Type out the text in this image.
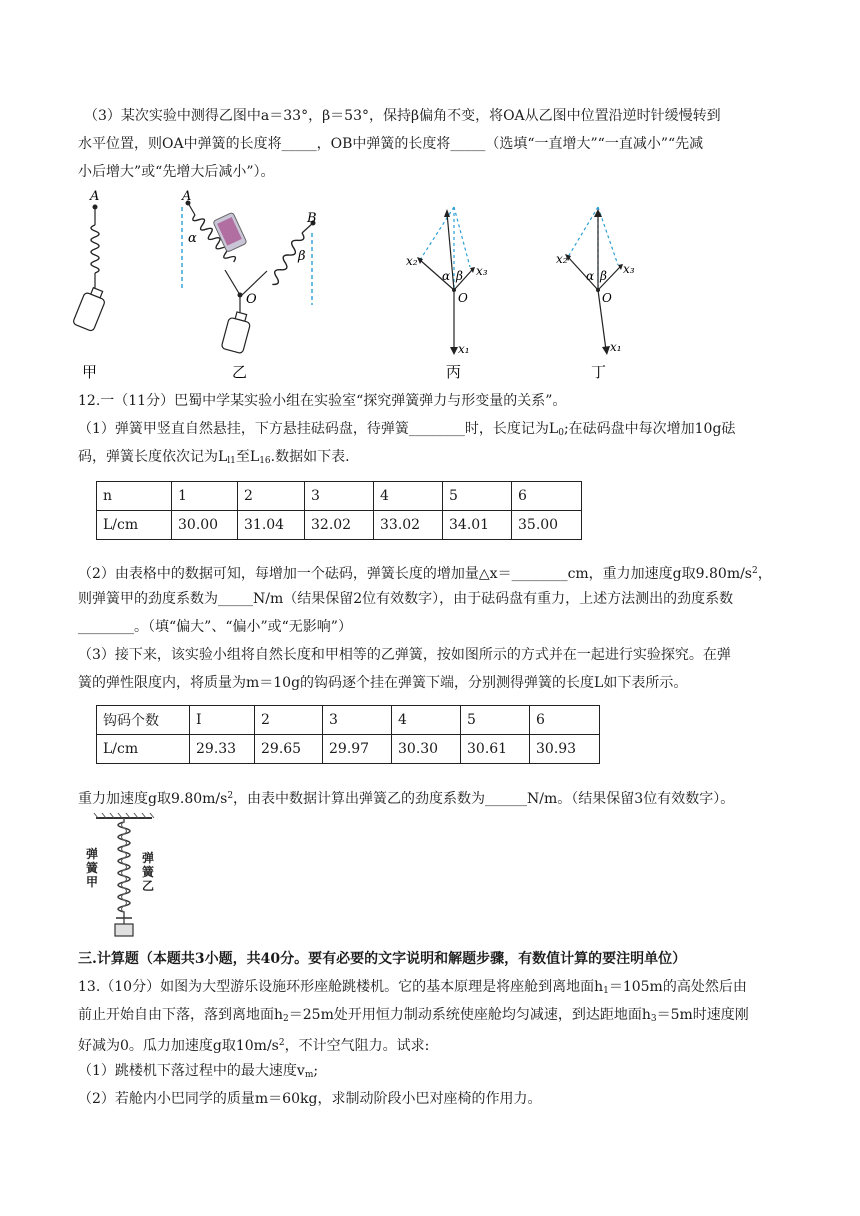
（3）某次实验中测得乙图中a＝33°，β＝53°，保持β偏角不变，将OA从乙图中位置沿逆时针缓慢转到
水平位置，则OA中弹簧的长度将_____，OB中弹簧的长度将_____（选填“一直增大”“一直减小”“先减
小后增大”或“先增大后减小”）。
A
甲
A
B
α
β
O
乙
x₂
x₃
x₁
α β
O
丙
x₂
x₃
x₁
α β
O
丁
12.一（11分）巴蜀中学某实验小组在实验室“探究弹簧弹力与形变量的关系”。
（1）弹簧甲竖直自然悬挂，下方悬挂砝码盘，待弹簧________时，长度记为$L_0$;在砝码盘中每次增加10g砝
码，弹簧长度依次记为$L_{l1}$至$L_{16}$.数据如下表.
n	1	2	3	4	5	6
L/cm	30.00	31.04	32.02	33.02	34.01	35.00
（2）由表格中的数据可知，每增加一个砝码，弹簧长度的增加量△x＝________cm，重力加速度g取$9.80m/s^2$，
则弹簧甲的劲度系数为_____N/m（结果保留2位有效数字），由于砝码盘有重力，上述方法测出的劲度系数
________。（填“偏大”、“偏小”或“无影响”）
（3）接下来，该实验小组将自然长度和甲相等的乙弹簧，按如图所示的方式并在一起进行实验探究。在弹
簧的弹性限度内，将质量为m＝10g的钩码逐个挂在弹簧下端，分别测得弹簧的长度L如下表所示。
钩码个数	I	2	3	4	5	6
L/cm	29.33	29.65	29.97	30.30	30.61	30.93
重力加速度g取$9.80m/s^2$，由表中数据计算出弹簧乙的劲度系数为______N/m。（结果保留3位有效数字）。
弹
簧
甲
弹
簧
乙
三.计算题（本题共3小题，共40分。要有必要的文字说明和解题步骤，有数值计算的要注明单位）
13.（10分）如图为大型游乐设施环形座舱跳楼机。它的基本原理是将座舱到离地面$h_1=105m$的高处然后由
前止开始自由下落，落到离地面$h_2=25m$处开用恒力制动系统使座舱均匀减速，到达距地面$h_3=5m$时速度刚
好减为0。瓜力加速度g取$10m/s^2$，不计空气阻力。试求:
（1）跳楼机下落过程中的最大速度$v_m$;
（2）若舱内小巴同学的质量m＝60kg，求制动阶段小巴对座椅的作用力。
